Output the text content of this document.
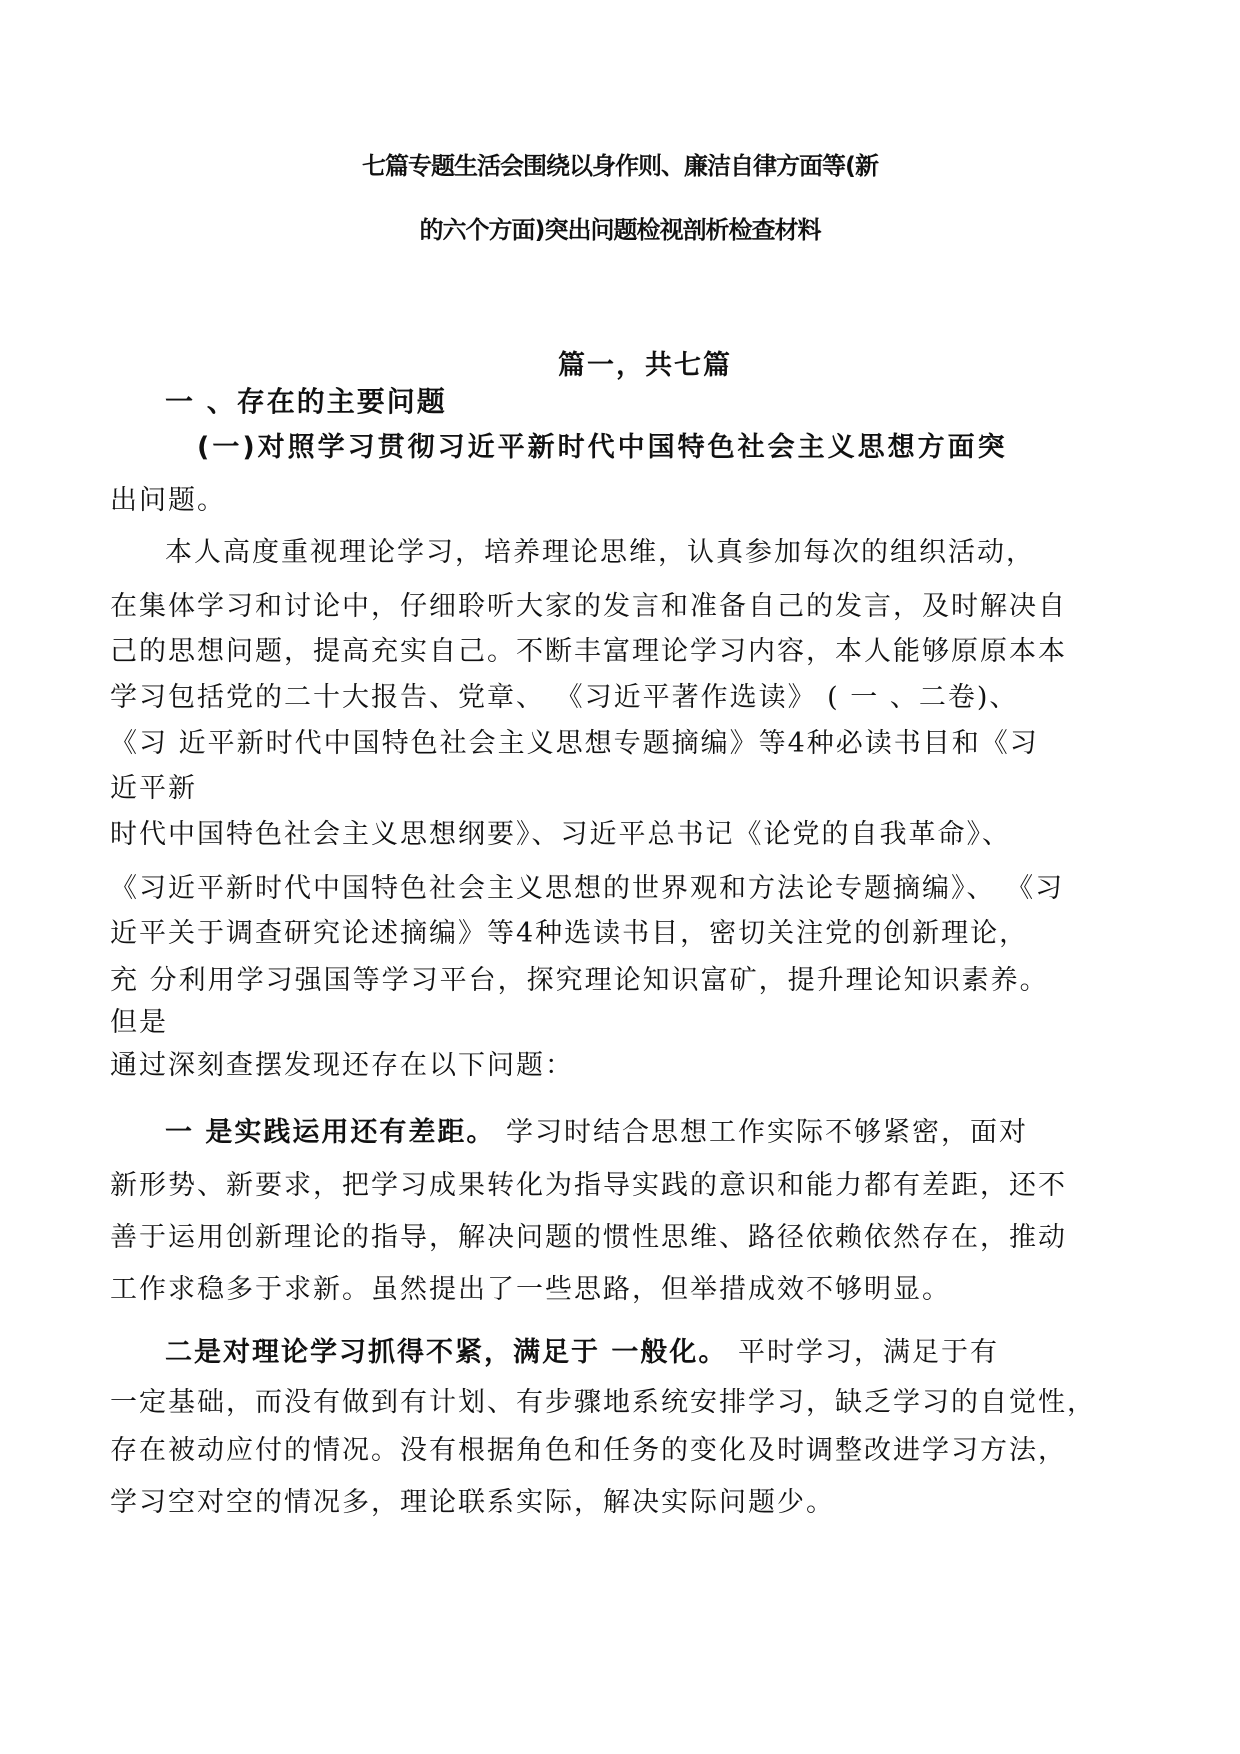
七篇专题生活会围绕以身作则、廉洁自律方面等(新
的六个方面)突出问题检视剖析检查材料
篇一，共七篇
一 、存在的主要问题
(一)对照学习贯彻习近平新时代中国特色社会主义思想方面突
出问题。
本人高度重视理论学习，培养理论思维，认真参加每次的组织活动，
在集体学习和讨论中，仔细聆听大家的发言和准备自己的发言，及时解决自
己的思想问题，提高充实自己。不断丰富理论学习内容，本人能够原原本本
学习包括党的二十大报告、党章、 《习近平著作选读》 ( 一 、二卷)、
《习 近平新时代中国特色社会主义思想专题摘编》等4种必读书目和《习
近平新
时代中国特色社会主义思想纲要》、习近平总书记《论党的自我革命》、
《习近平新时代中国特色社会主义思想的世界观和方法论专题摘编》、 《习
近平关于调查研究论述摘编》等4种选读书目，密切关注党的创新理论，
充 分利用学习强国等学习平台，探究理论知识富矿，提升理论知识素养。
但是
通过深刻查摆发现还存在以下问题：
一 是实践运用还有差距。 学习时结合思想工作实际不够紧密，面对
新形势、新要求，把学习成果转化为指导实践的意识和能力都有差距，还不
善于运用创新理论的指导，解决问题的惯性思维、路径依赖依然存在，推动
工作求稳多于求新。虽然提出了一些思路，但举措成效不够明显。
二是对理论学习抓得不紧，满足于 一般化。 平时学习，满足于有
一定基础，而没有做到有计划、有步骤地系统安排学习，缺乏学习的自觉性，
存在被动应付的情况。没有根据角色和任务的变化及时调整改进学习方法，
学习空对空的情况多，理论联系实际，解决实际问题少。
